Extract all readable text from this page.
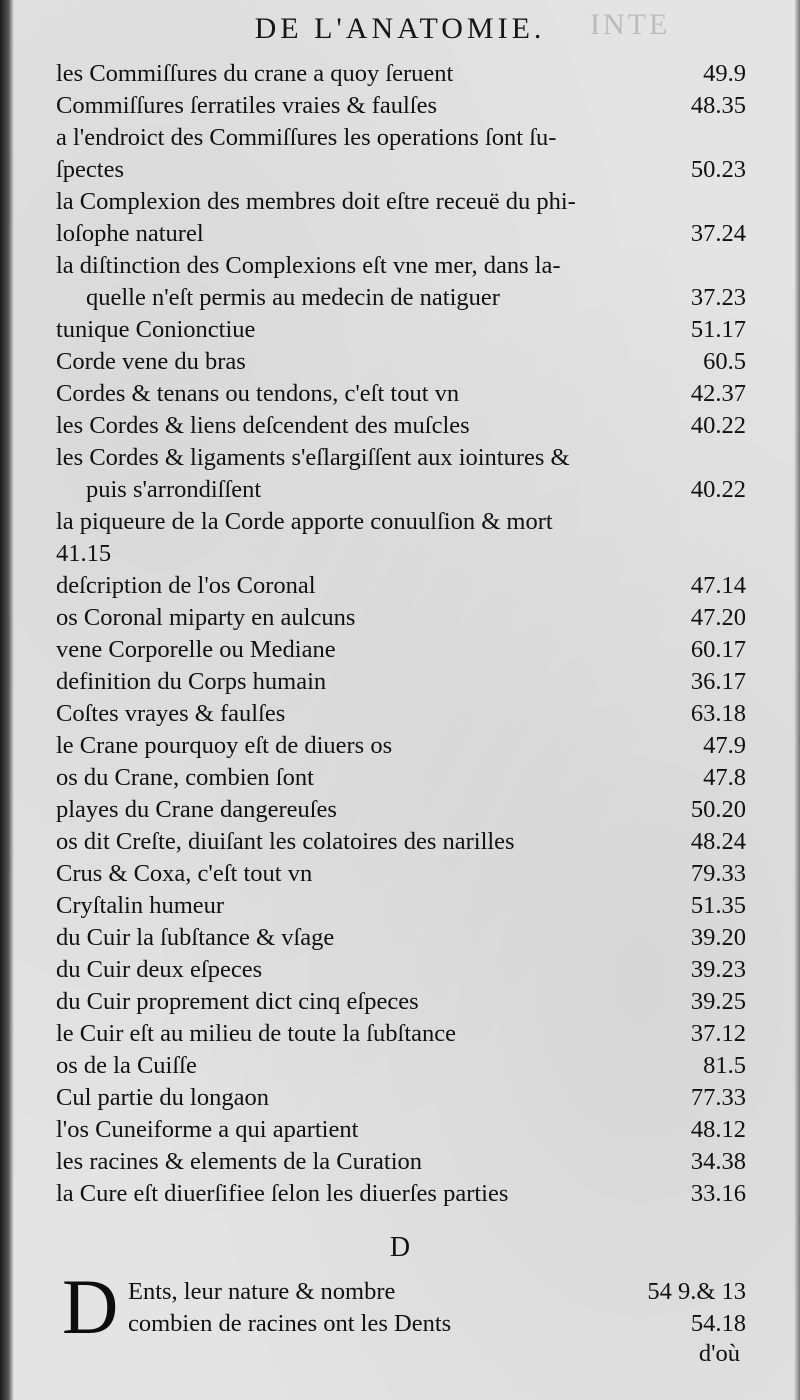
DE L'ANATOMIE. INTE
les Commiſſures du crane a quoy ſeruent	49.9
Commiſſures ſerratiles vraies & faulſes	48.35
a l'endroict des Commiſſures les operations ſont ſu-
ſpectes	50.23
la Complexion des membres doit eſtre receuë du phi-
loſophe naturel	37.24
la diſtinction des Complexions eſt vne mer, dans la-
quelle n'eſt permis au medecin de natiguer	37.23
tunique Conionctiue	51.17
Corde vene du bras	60.5
Cordes & tenans ou tendons, c'eſt tout vn	42.37
les Cordes & liens deſcendent des muſcles	40.22
les Cordes & ligaments s'eſlargiſſent aux iointures &
puis s'arrondiſſent	40.22
la piqueure de la Corde apporte conuulſion & mort
41.15
deſcription de l'os Coronal	47.14
os Coronal miparty en aulcuns	47.20
vene Corporelle ou Mediane	60.17
definition du Corps humain	36.17
Coſtes vrayes & faulſes	63.18
le Crane pourquoy eſt de diuers os	47.9
os du Crane, combien ſont	47.8
playes du Crane dangereuſes	50.20
os dit Creſte, diuiſant les colatoires des narilles	48.24
Crus & Coxa, c'eſt tout vn	79.33
Cryſtalin humeur	51.35
du Cuir la ſubſtance & vſage	39.20
du Cuir deux eſpeces	39.23
du Cuir proprement dict cinq eſpeces	39.25
le Cuir eſt au milieu de toute la ſubſtance	37.12
os de la Cuiſſe	81.5
Cul partie du longaon	77.33
l'os Cuneiforme a qui apartient	48.12
les racines & elements de la Curation	34.38
la Cure eſt diuerſifiee ſelon les diuerſes parties	33.16
D
D Ents, leur nature & nombre	54 9.& 13
combien de racines ont les Dents	54.18
d'où
